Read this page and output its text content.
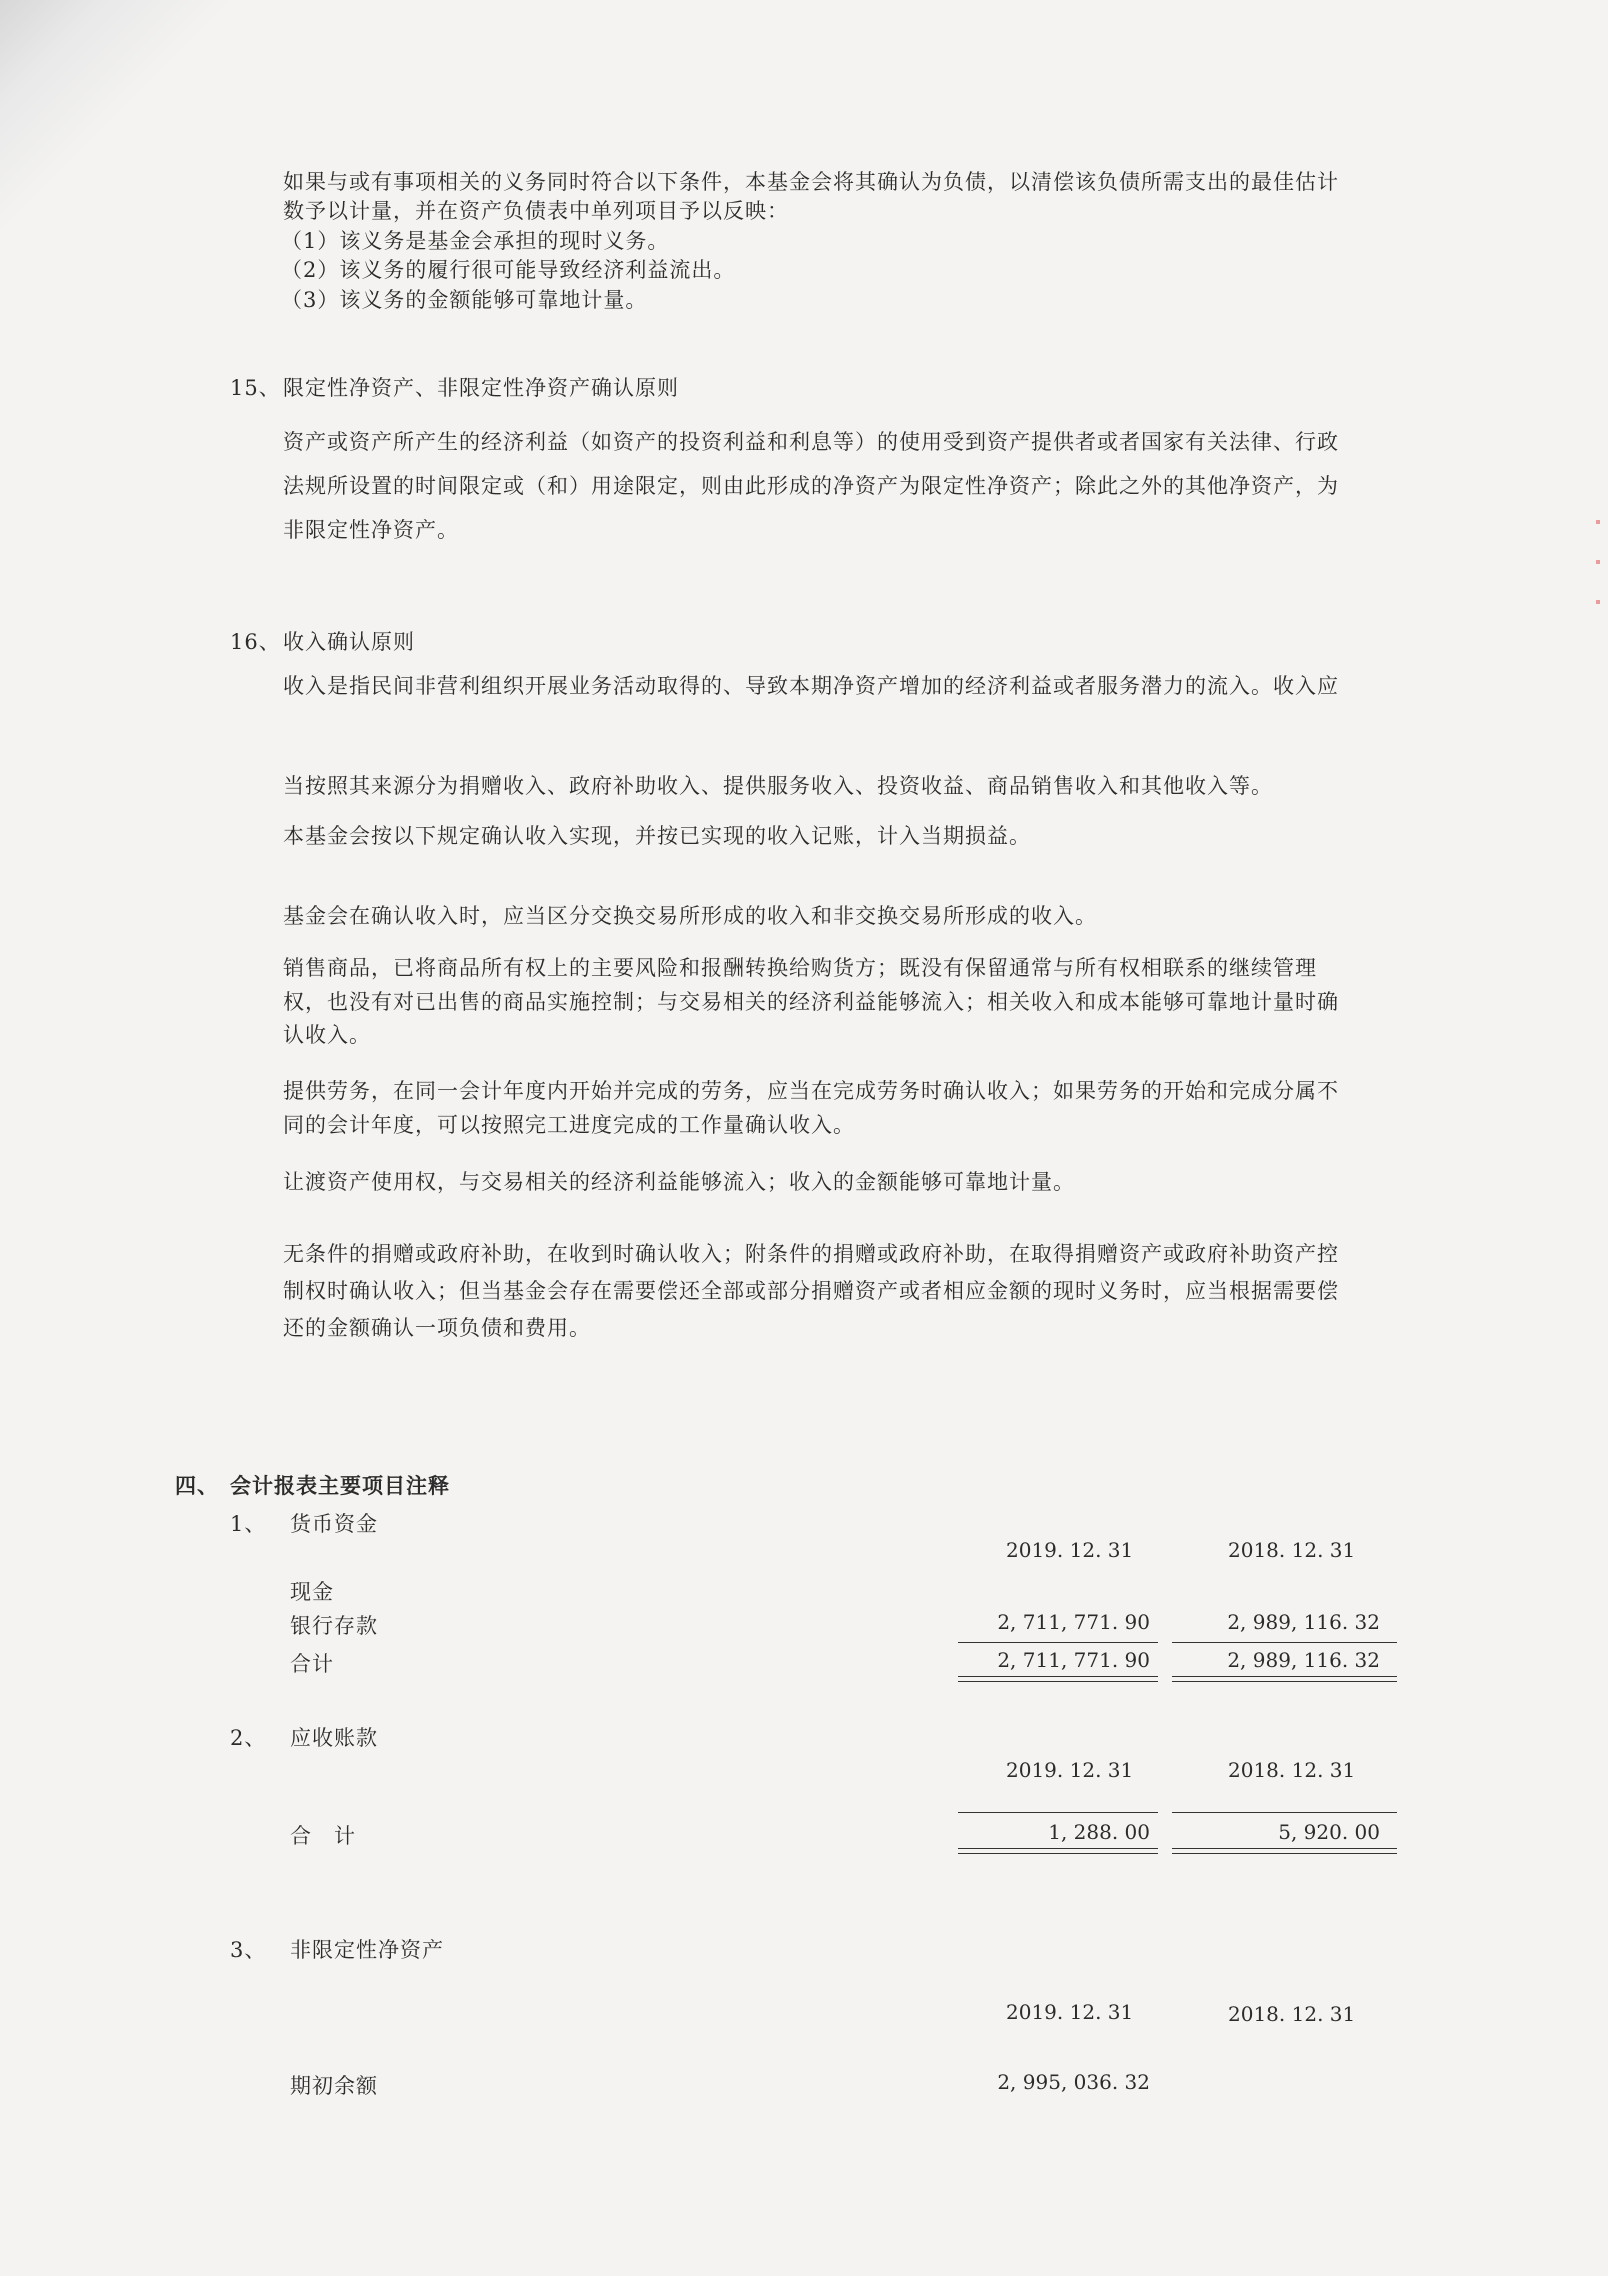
如果与或有事项相关的义务同时符合以下条件，本基金会将其确认为负债，以清偿该负债所需支出的最佳估计
数予以计量，并在资产负债表中单列项目予以反映：
（1）该义务是基金会承担的现时义务。
（2）该义务的履行很可能导致经济利益流出。
（3）该义务的金额能够可靠地计量。
15、 限定性净资产、非限定性净资产确认原则
资产或资产所产生的经济利益（如资产的投资利益和利息等）的使用受到资产提供者或者国家有关法律、行政
法规所设置的时间限定或（和）用途限定，则由此形成的净资产为限定性净资产；除此之外的其他净资产，为
非限定性净资产。
16、 收入确认原则
收入是指民间非营利组织开展业务活动取得的、导致本期净资产增加的经济利益或者服务潜力的流入。收入应
当按照其来源分为捐赠收入、政府补助收入、提供服务收入、投资收益、商品销售收入和其他收入等。
本基金会按以下规定确认收入实现，并按已实现的收入记账，计入当期损益。
基金会在确认收入时，应当区分交换交易所形成的收入和非交换交易所形成的收入。
销售商品，已将商品所有权上的主要风险和报酬转换给购货方；既没有保留通常与所有权相联系的继续管理
权，也没有对已出售的商品实施控制；与交易相关的经济利益能够流入；相关收入和成本能够可靠地计量时确
认收入。
提供劳务，在同一会计年度内开始并完成的劳务，应当在完成劳务时确认收入；如果劳务的开始和完成分属不
同的会计年度，可以按照完工进度完成的工作量确认收入。
让渡资产使用权，与交易相关的经济利益能够流入；收入的金额能够可靠地计量。
无条件的捐赠或政府补助，在收到时确认收入；附条件的捐赠或政府补助，在取得捐赠资产或政府补助资产控
制权时确认收入；但当基金会存在需要偿还全部或部分捐赠资产或者相应金额的现时义务时，应当根据需要偿
还的金额确认一项负债和费用。
四、 会计报表主要项目注释
1、 货币资金
2019. 12. 31	2018. 12. 31
现金
银行存款	2, 711, 771. 90	2, 989, 116. 32
合计	2, 711, 771. 90	2, 989, 116. 32
2、 应收账款
2019. 12. 31	2018. 12. 31
合　计	1, 288. 00	5, 920. 00
3、 非限定性净资产
2019. 12. 31	2018. 12. 31
期初余额	2, 995, 036. 32
